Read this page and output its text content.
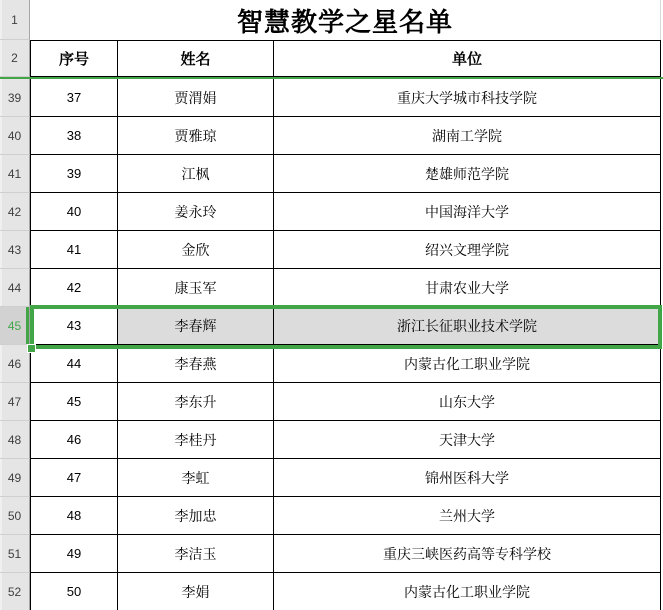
1	智慧教学之星名单
2	序号	姓名	单位
39	37	贾渭娟	重庆大学城市科技学院
40	38	贾雅琼	湖南工学院
41	39	江枫	楚雄师范学院
42	40	姜永玲	中国海洋大学
43	41	金欣	绍兴文理学院
44	42	康玉军	甘肃农业大学
45	43	李春辉	浙江长征职业技术学院
46	44	李春燕	内蒙古化工职业学院
47	45	李东升	山东大学
48	46	李桂丹	天津大学
49	47	李虹	锦州医科大学
50	48	李加忠	兰州大学
51	49	李洁玉	重庆三峡医药高等专科学校
52	50	李娟	内蒙古化工职业学院
